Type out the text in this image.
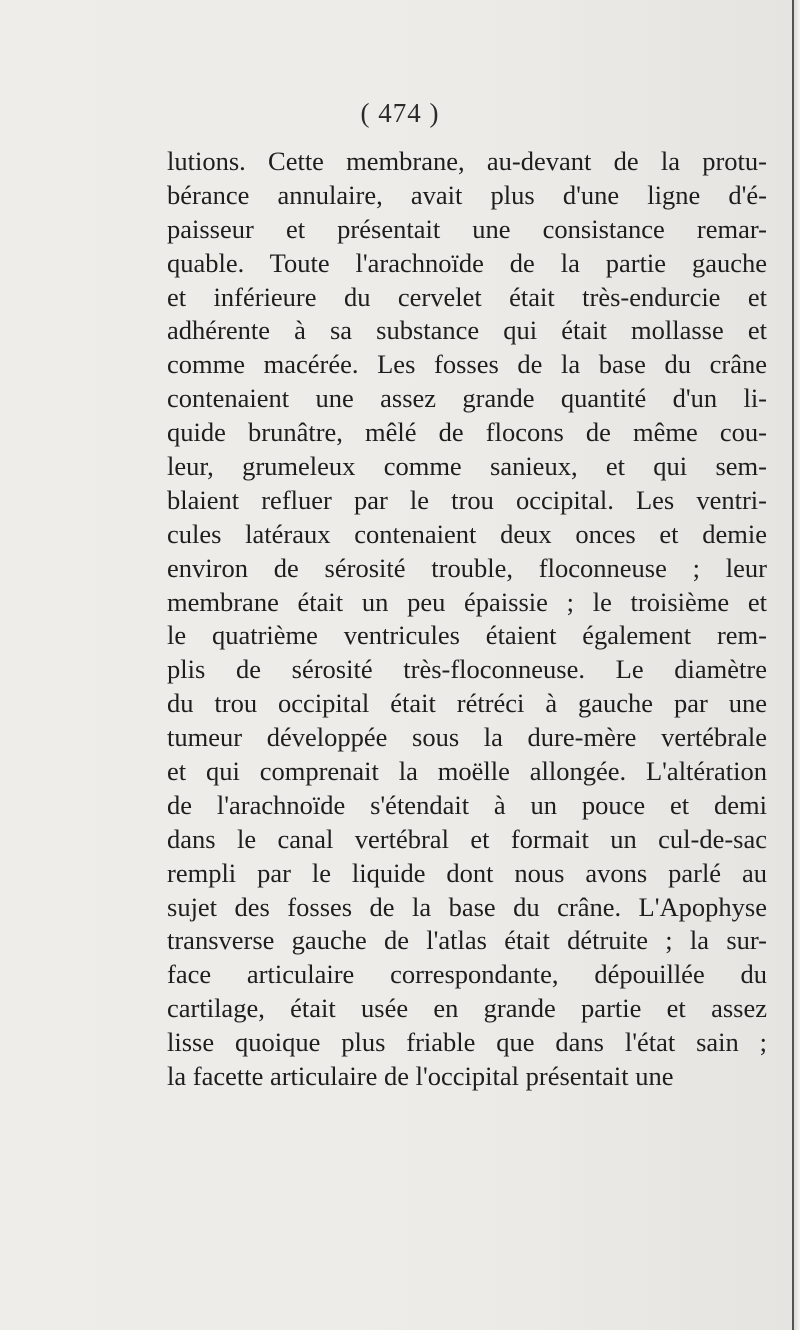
( 474 )
lutions. Cette membrane, au-devant de la protu-
bérance annulaire, avait plus d'une ligne d'é-
paisseur et présentait une consistance remar-
quable. Toute l'arachnoïde de la partie gauche
et inférieure du cervelet était très-endurcie et
adhérente à sa substance qui était mollasse et
comme macérée. Les fosses de la base du crâne
contenaient une assez grande quantité d'un li-
quide brunâtre, mêlé de flocons de même cou-
leur, grumeleux comme sanieux, et qui sem-
blaient refluer par le trou occipital. Les ventri-
cules latéraux contenaient deux onces et demie
environ de sérosité trouble, floconneuse ; leur
membrane était un peu épaissie ; le troisième et
le quatrième ventricules étaient également rem-
plis de sérosité très-floconneuse. Le diamètre
du trou occipital était rétréci à gauche par une
tumeur développée sous la dure-mère vertébrale
et qui comprenait la moëlle allongée. L'altération
de l'arachnoïde s'étendait à un pouce et demi
dans le canal vertébral et formait un cul-de-sac
rempli par le liquide dont nous avons parlé au
sujet des fosses de la base du crâne. L'Apophyse
transverse gauche de l'atlas était détruite ; la sur-
face articulaire correspondante, dépouillée du
cartilage, était usée en grande partie et assez
lisse quoique plus friable que dans l'état sain ;
la facette articulaire de l'occipital présentait une
